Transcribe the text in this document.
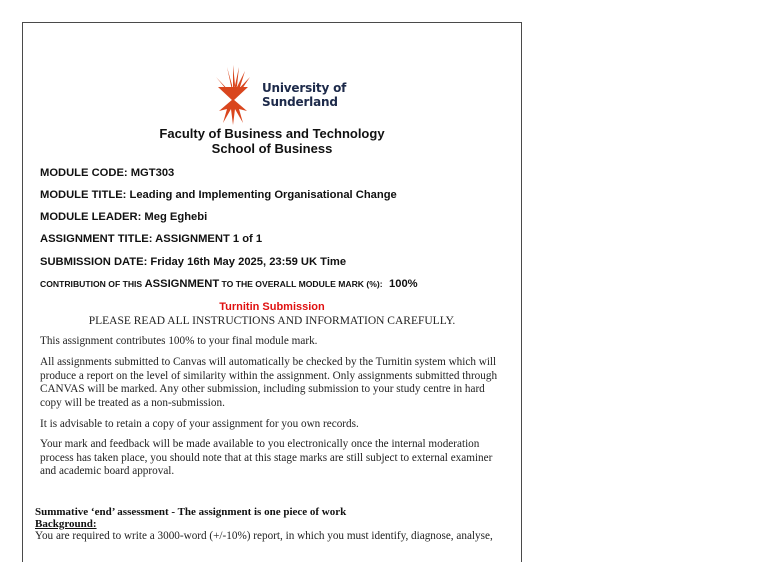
University of
Sunderland
Faculty of Business and Technology
School of Business
MODULE CODE: MGT303
MODULE TITLE: Leading and Implementing Organisational Change
MODULE LEADER: Meg Eghebi
ASSIGNMENT TITLE: ASSIGNMENT 1 of 1
SUBMISSION DATE: Friday 16th May 2025, 23:59 UK Time
CONTRIBUTION OF THIS ASSIGNMENT TO THE OVERALL MODULE MARK (%): 100%
Turnitin Submission
PLEASE READ ALL INSTRUCTIONS AND INFORMATION CAREFULLY.
This assignment contributes 100% to your final module mark.
All assignments submitted to Canvas will automatically be checked by the Turnitin system which will produce a report on the level of similarity within the assignment. Only assignments submitted through CANVAS will be marked. Any other submission, including submission to your study centre in hard copy will be treated as a non-submission.
It is advisable to retain a copy of your assignment for you own records.
Your mark and feedback will be made available to you electronically once the internal moderation process has taken place, you should note that at this stage marks are still subject to external examiner and academic board approval.
Summative ‘end’ assessment - The assignment is one piece of work
Background:
You are required to write a 3000-word (+/-10%) report, in which you must identify, diagnose, analyse,
